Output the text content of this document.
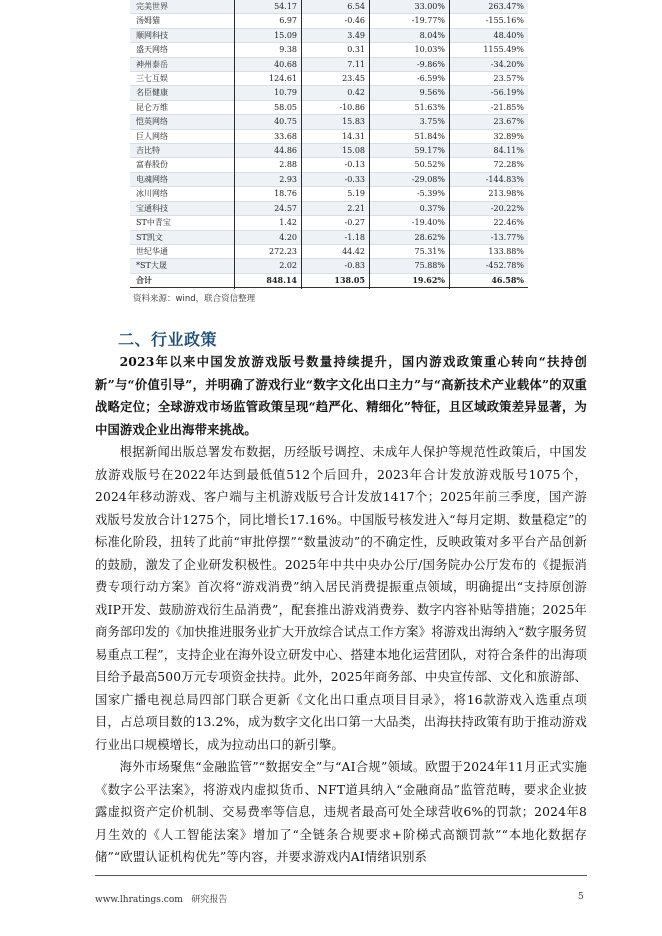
完美世界	54.17	6.54	33.00%	263.47%
汤姆猫	6.97	-0.46	-19.77%	-155.16%
顺网科技	15.09	3.49	8.04%	48.40%
盛天网络	9.38	0.31	10.03%	1155.49%
神州泰岳	40.68	7.11	-9.86%	-34.20%
三七互娱	124.61	23.45	-6.59%	23.57%
名臣健康	10.79	0.42	9.56%	-56.19%
昆仑万维	58.05	-10.86	51.63%	-21.85%
恺英网络	40.75	15.83	3.75%	23.67%
巨人网络	33.68	14.31	51.84%	32.89%
吉比特	44.86	15.08	59.17%	84.11%
富春股份	2.88	-0.13	50.52%	72.28%
电魂网络	2.93	-0.33	-29.08%	-144.83%
冰川网络	18.76	5.19	-5.39%	213.98%
宝通科技	24.57	2.21	0.37%	-20.22%
ST中青宝	1.42	-0.27	-19.40%	22.46%
ST凯文	4.20	-1.18	28.62%	-13.77%
世纪华通	272.23	44.42	75.31%	133.88%
*ST大晟	2.02	-0.83	75.88%	-452.78%
合计	848.14	138.05	19.62%	46.58%
资料来源：wind，联合资信整理
二、行业政策

2023年以来中国发放游戏版号数量持续提升，国内游戏政策重心转向“扶持创新”与“价值引导”，并明确了游戏行业“数字文化出口主力”与“高新技术产业载体”的双重战略定位；全球游戏市场监管政策呈现“趋严化、精细化”特征，且区域政策差异显著，为中国游戏企业出海带来挑战。

根据新闻出版总署发布数据，历经版号调控、未成年人保护等规范性政策后，中国发放游戏版号在2022年达到最低值512个后回升，2023年合计发放游戏版号1075个，2024年移动游戏、客户端与主机游戏版号合计发放1417个；2025年前三季度，国产游戏版号发放合计1275个，同比增长17.16%。中国版号核发进入“每月定期、数量稳定”的标准化阶段，扭转了此前“审批停摆”“数量波动”的不确定性，反映政策对多平台产品创新的鼓励，激发了企业研发积极性。2025年中共中央办公厅/国务院办公厅发布的《提振消费专项行动方案》首次将“游戏消费”纳入居民消费提振重点领域，明确提出“支持原创游戏IP开发、鼓励游戏衍生品消费”，配套推出游戏消费券、数字内容补贴等措施；2025年商务部印发的《加快推进服务业扩大开放综合试点工作方案》将游戏出海纳入“数字服务贸易重点工程”，支持企业在海外设立研发中心、搭建本地化运营团队，对符合条件的出海项目给予最高500万元专项资金扶持。此外，2025年商务部、中央宣传部、文化和旅游部、国家广播电视总局四部门联合更新《文化出口重点项目目录》，将16款游戏入选重点项目，占总项目数的13.2%，成为数字文化出口第一大品类，出海扶持政策有助于推动游戏行业出口规模增长，成为拉动出口的新引擎。

海外市场聚焦“金融监管”“数据安全”与“AI合规”领域。欧盟于2024年11月正式实施《数字公平法案》，将游戏内虚拟货币、NFT道具纳入“金融商品”监管范畴，要求企业披露虚拟资产定价机制、交易费率等信息，违规者最高可处全球营收6%的罚款；2024年8月生效的《人工智能法案》增加了“全链条合规要求+阶梯式高额罚款”“本地化数据存储”“欧盟认证机构优先”等内容，并要求游戏内AI情绪识别系

www.lhratings.com 研究报告	5
